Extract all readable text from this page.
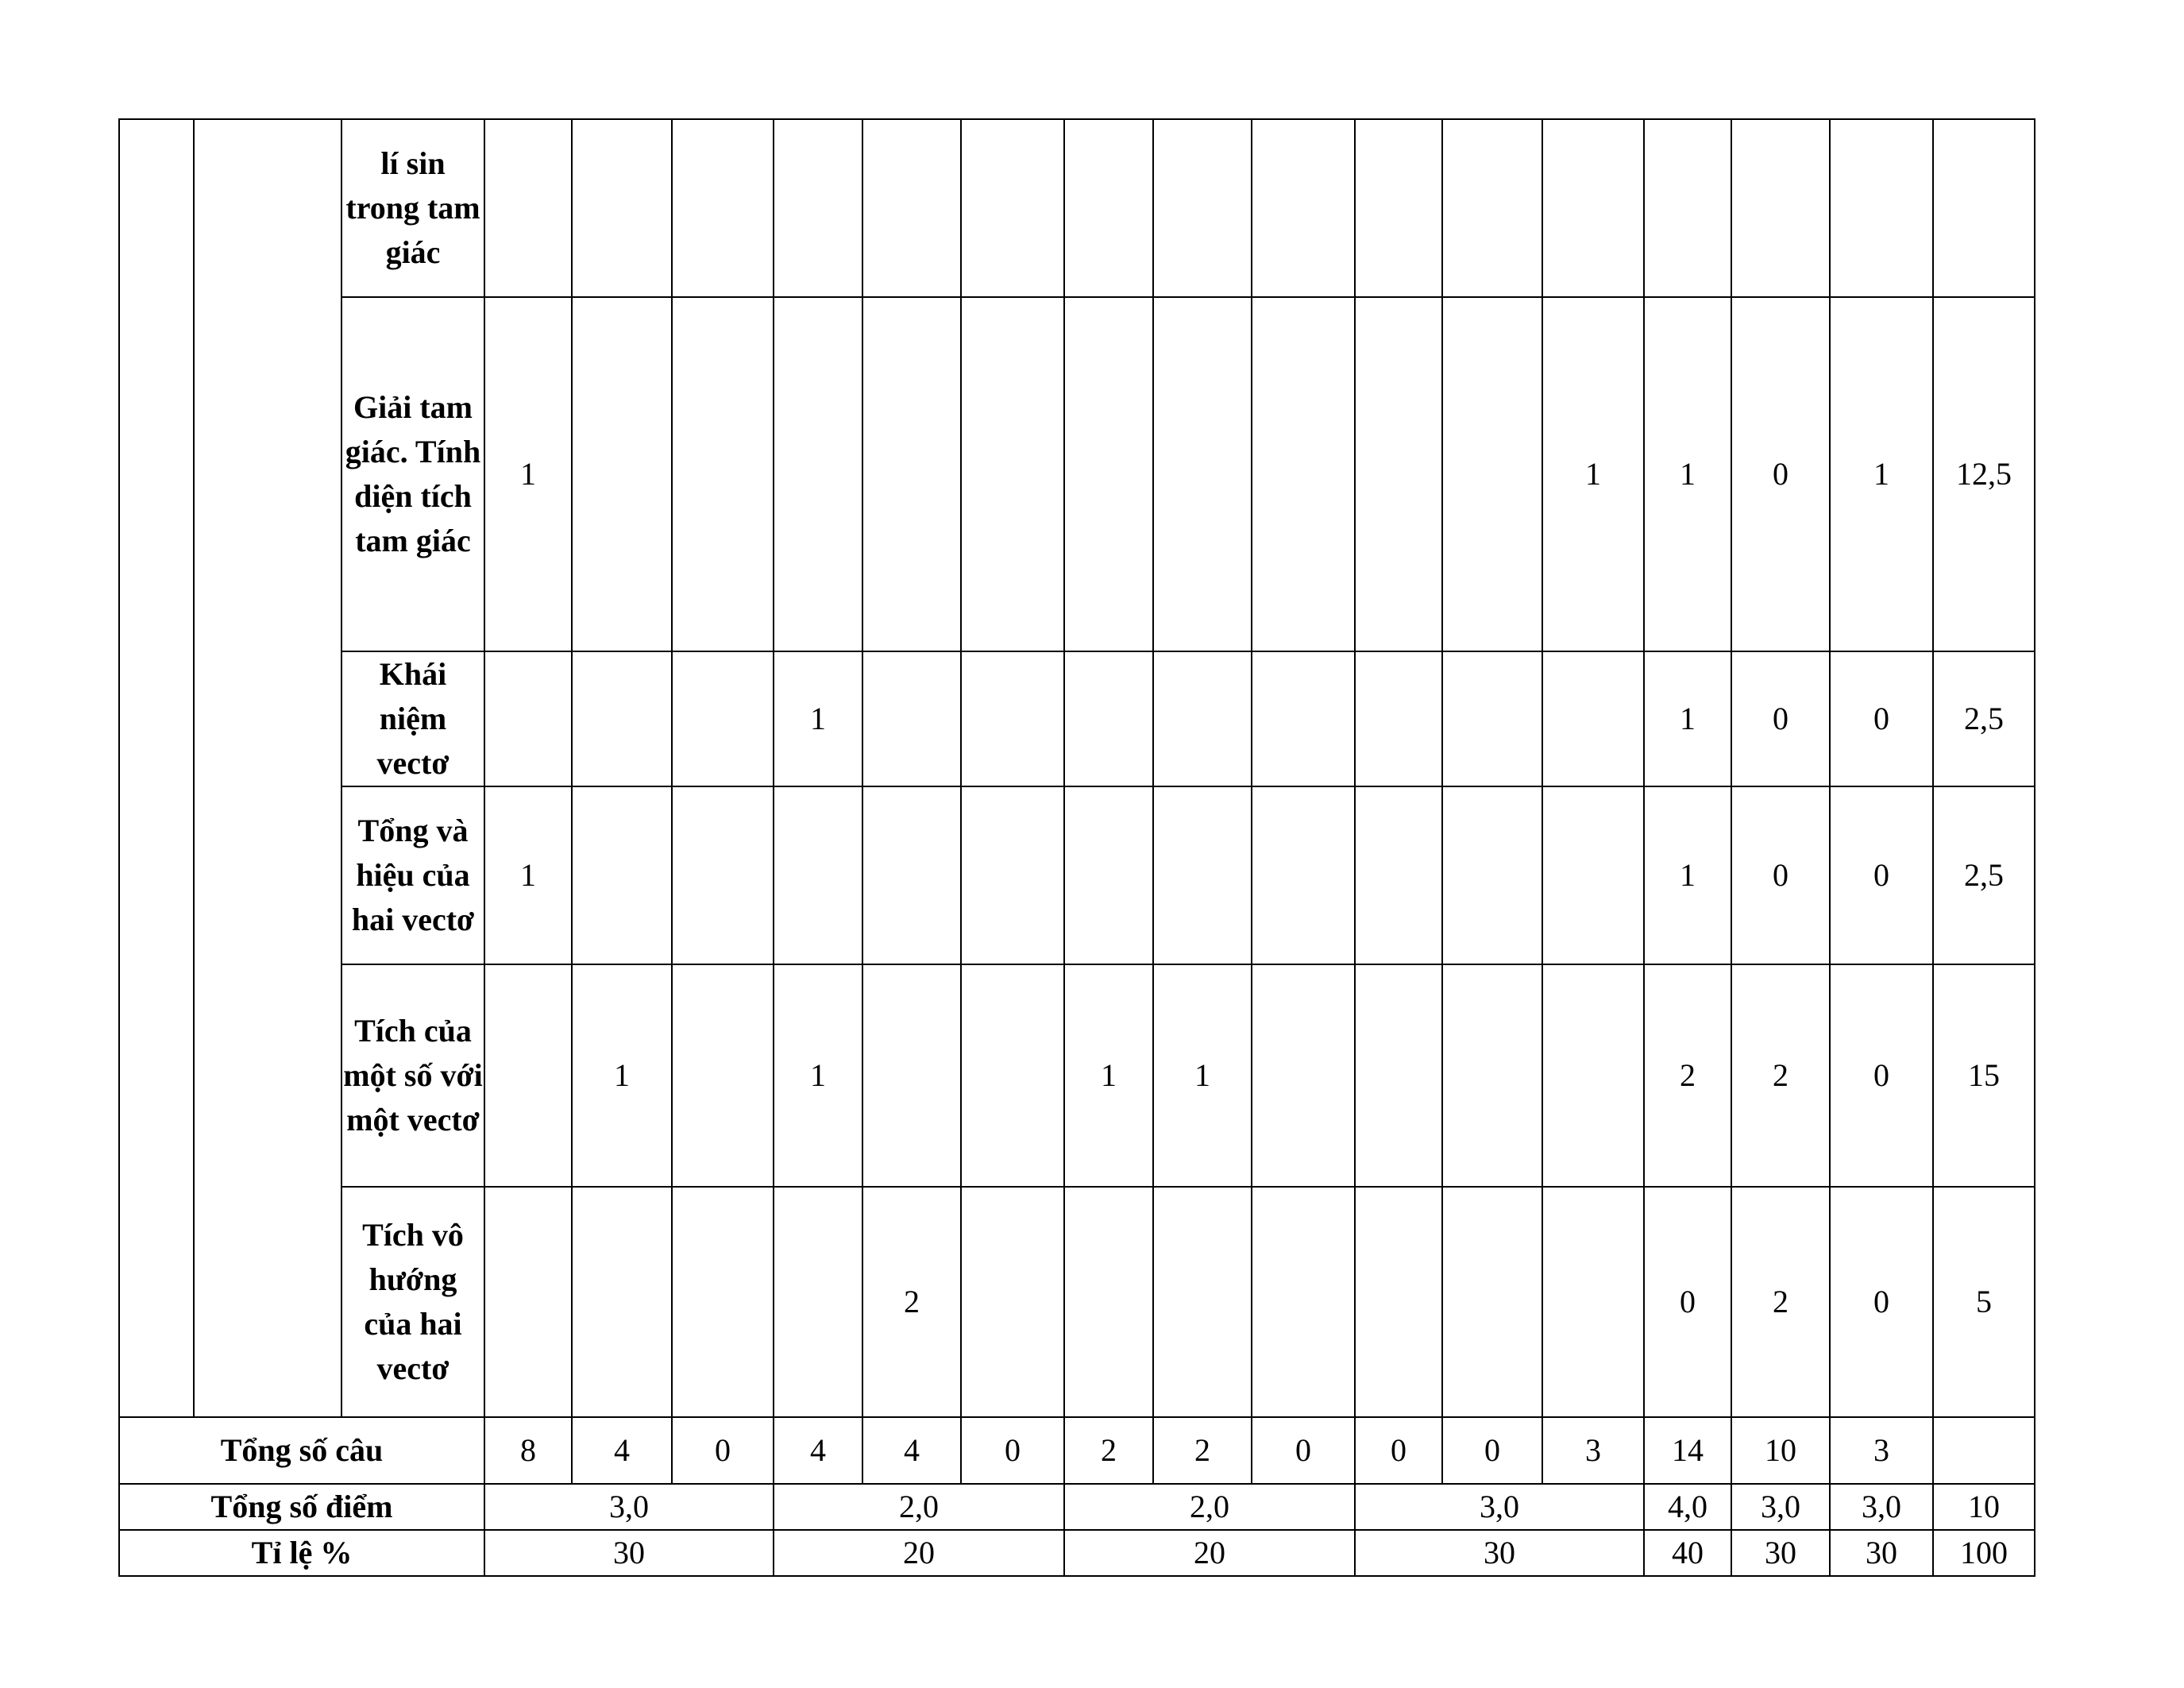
		lí sin trong tam giác																
		Giải tam giác. Tính diện tích tam giác	1											1	1	0	1	12,5
		Khái niệm vectơ				1									1	0	0	2,5
		Tổng và hiệu của hai vectơ	1												1	0	0	2,5
		Tích của một số với một vectơ		1		1			1	1					2	2	0	15
		Tích vô hướng của hai vectơ					2								0	2	0	5
Tổng số câu			8	4	0	4	4	0	2	2	0	0	0	3	14	10	3	
Tổng số điểm			3,0			2,0			2,0			3,0			4,0	3,0	3,0	10
Tỉ lệ %			30			20			20			30			40	30	30	100
